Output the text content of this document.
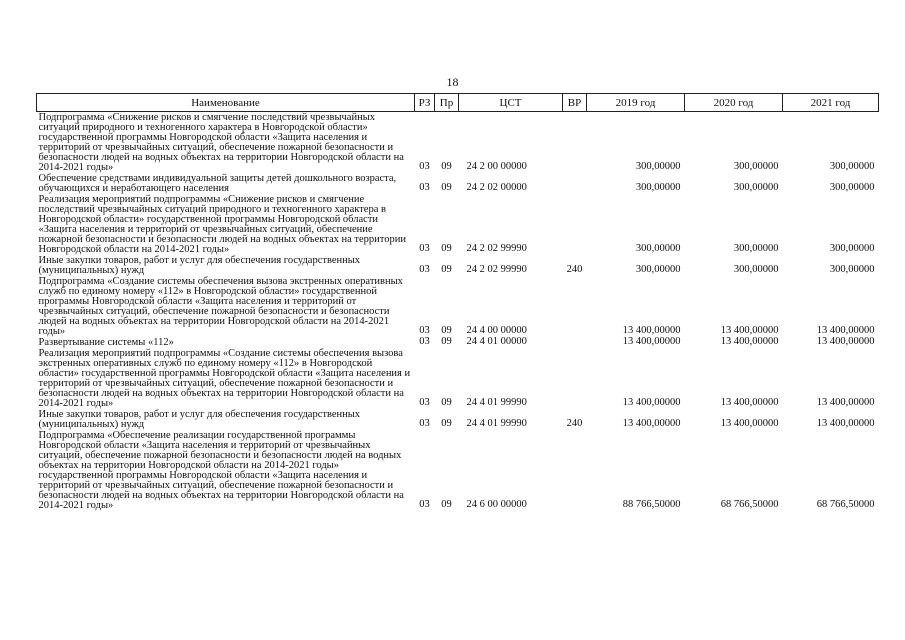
18
Наименование	РЗ	Пр	ЦСТ	ВР	2019 год	2020 год	2021 год
Подпрограмма «Снижение рисков и смягчение последствий чрезвычайных ситуаций природного и техногенного характера в Новгородской области» государственной программы Новгородской области «Защита населения и территорий от чрезвычайных ситуаций, обеспечение пожарной безопасности и безопасности людей на водных объектах на территории Новгородской области на 2014-2021 годы»	03	09	24 2 00 00000		300,00000	300,00000	300,00000
Обеспечение средствами индивидуальной защиты детей дошкольного возраста, обучающихся и неработающего населения	03	09	24 2 02 00000		300,00000	300,00000	300,00000
Реализация мероприятий подпрограммы «Снижение рисков и смягчение последствий чрезвычайных ситуаций природного и техногенного характера в Новгородской области» государственной программы Новгородской области «Защита населения и территорий от чрезвычайных ситуаций, обеспечение пожарной безопасности и безопасности людей на водных объектах на территории Новгородской области на 2014-2021 годы»	03	09	24 2 02 99990		300,00000	300,00000	300,00000
Иные закупки товаров, работ и услуг для обеспечения государственных (муниципальных) нужд	03	09	24 2 02 99990	240	300,00000	300,00000	300,00000
Подпрограмма «Создание системы обеспечения вызова экстренных оперативных служб по единому номеру «112» в Новгородской области» государственной программы Новгородской области «Защита населения и территорий от чрезвычайных ситуаций, обеспечение пожарной безопасности и безопасности людей на водных объектах на территории Новгородской области на 2014-2021 годы»	03	09	24 4 00 00000		13 400,00000	13 400,00000	13 400,00000
Развертывание системы «112»	03	09	24 4 01 00000		13 400,00000	13 400,00000	13 400,00000
Реализация мероприятий подпрограммы «Создание системы обеспечения вызова экстренных оперативных служб по единому номеру «112» в Новгородской области» государственной программы Новгородской области «Защита населения и территорий от чрезвычайных ситуаций, обеспечение пожарной безопасности и безопасности людей на водных объектах на территории Новгородской области на 2014-2021 годы»	03	09	24 4 01 99990		13 400,00000	13 400,00000	13 400,00000
Иные закупки товаров, работ и услуг для обеспечения государственных (муниципальных) нужд	03	09	24 4 01 99990	240	13 400,00000	13 400,00000	13 400,00000
Подпрограмма «Обеспечение реализации государственной программы Новгородской области «Защита населения и территорий от чрезвычайных ситуаций, обеспечение пожарной безопасности и безопасности людей на водных объектах на территории Новгородской области на 2014-2021 годы» государственной программы Новгородской области «Защита населения и территорий от чрезвычайных ситуаций, обеспечение пожарной безопасности и безопасности людей на водных объектах на территории Новгородской области на 2014-2021 годы»	03	09	24 6 00 00000		88 766,50000	68 766,50000	68 766,50000
